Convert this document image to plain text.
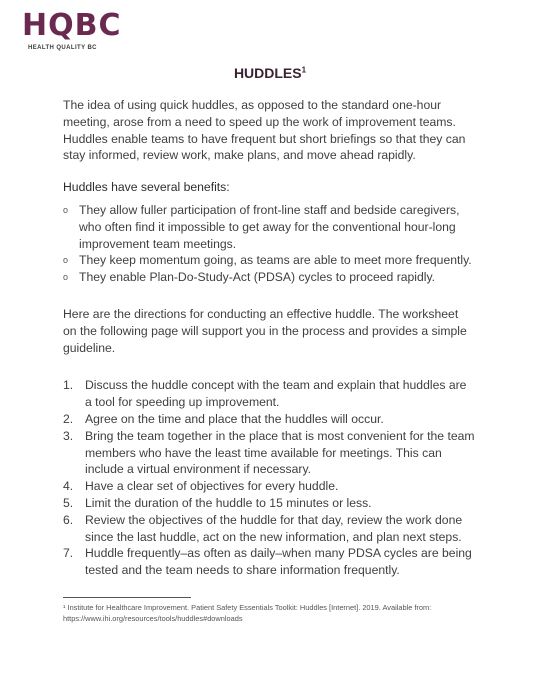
HQBC
HEALTH QUALITY BC
HUDDLES$^1$

The idea of using quick huddles, as opposed to the standard one-hour meeting, arose from a need to speed up the work of improvement teams. Huddles enable teams to have frequent but short briefings so that they can stay informed, review work, make plans, and move ahead rapidly.

Huddles have several benefits:

o They allow fuller participation of front-line staff and bedside caregivers, who often find it impossible to get away for the conventional hour-long improvement team meetings.
o They keep momentum going, as teams are able to meet more frequently.
o They enable Plan-Do-Study-Act (PDSA) cycles to proceed rapidly.

Here are the directions for conducting an effective huddle. The worksheet on the following page will support you in the process and provides a simple guideline.

1. Discuss the huddle concept with the team and explain that huddles are a tool for speeding up improvement.
2. Agree on the time and place that the huddles will occur.
3. Bring the team together in the place that is most convenient for the team members who have the least time available for meetings. This can include a virtual environment if necessary.
4. Have a clear set of objectives for every huddle.
5. Limit the duration of the huddle to 15 minutes or less.
6. Review the objectives of the huddle for that day, review the work done since the last huddle, act on the new information, and plan next steps.
7. Huddle frequently–as often as daily–when many PDSA cycles are being tested and the team needs to share information frequently.
¹ Institute for Healthcare Improvement. Patient Safety Essentials Toolkit: Huddles [Internet]. 2019. Available from: https://www.ihi.org/resources/tools/huddles#downloads
